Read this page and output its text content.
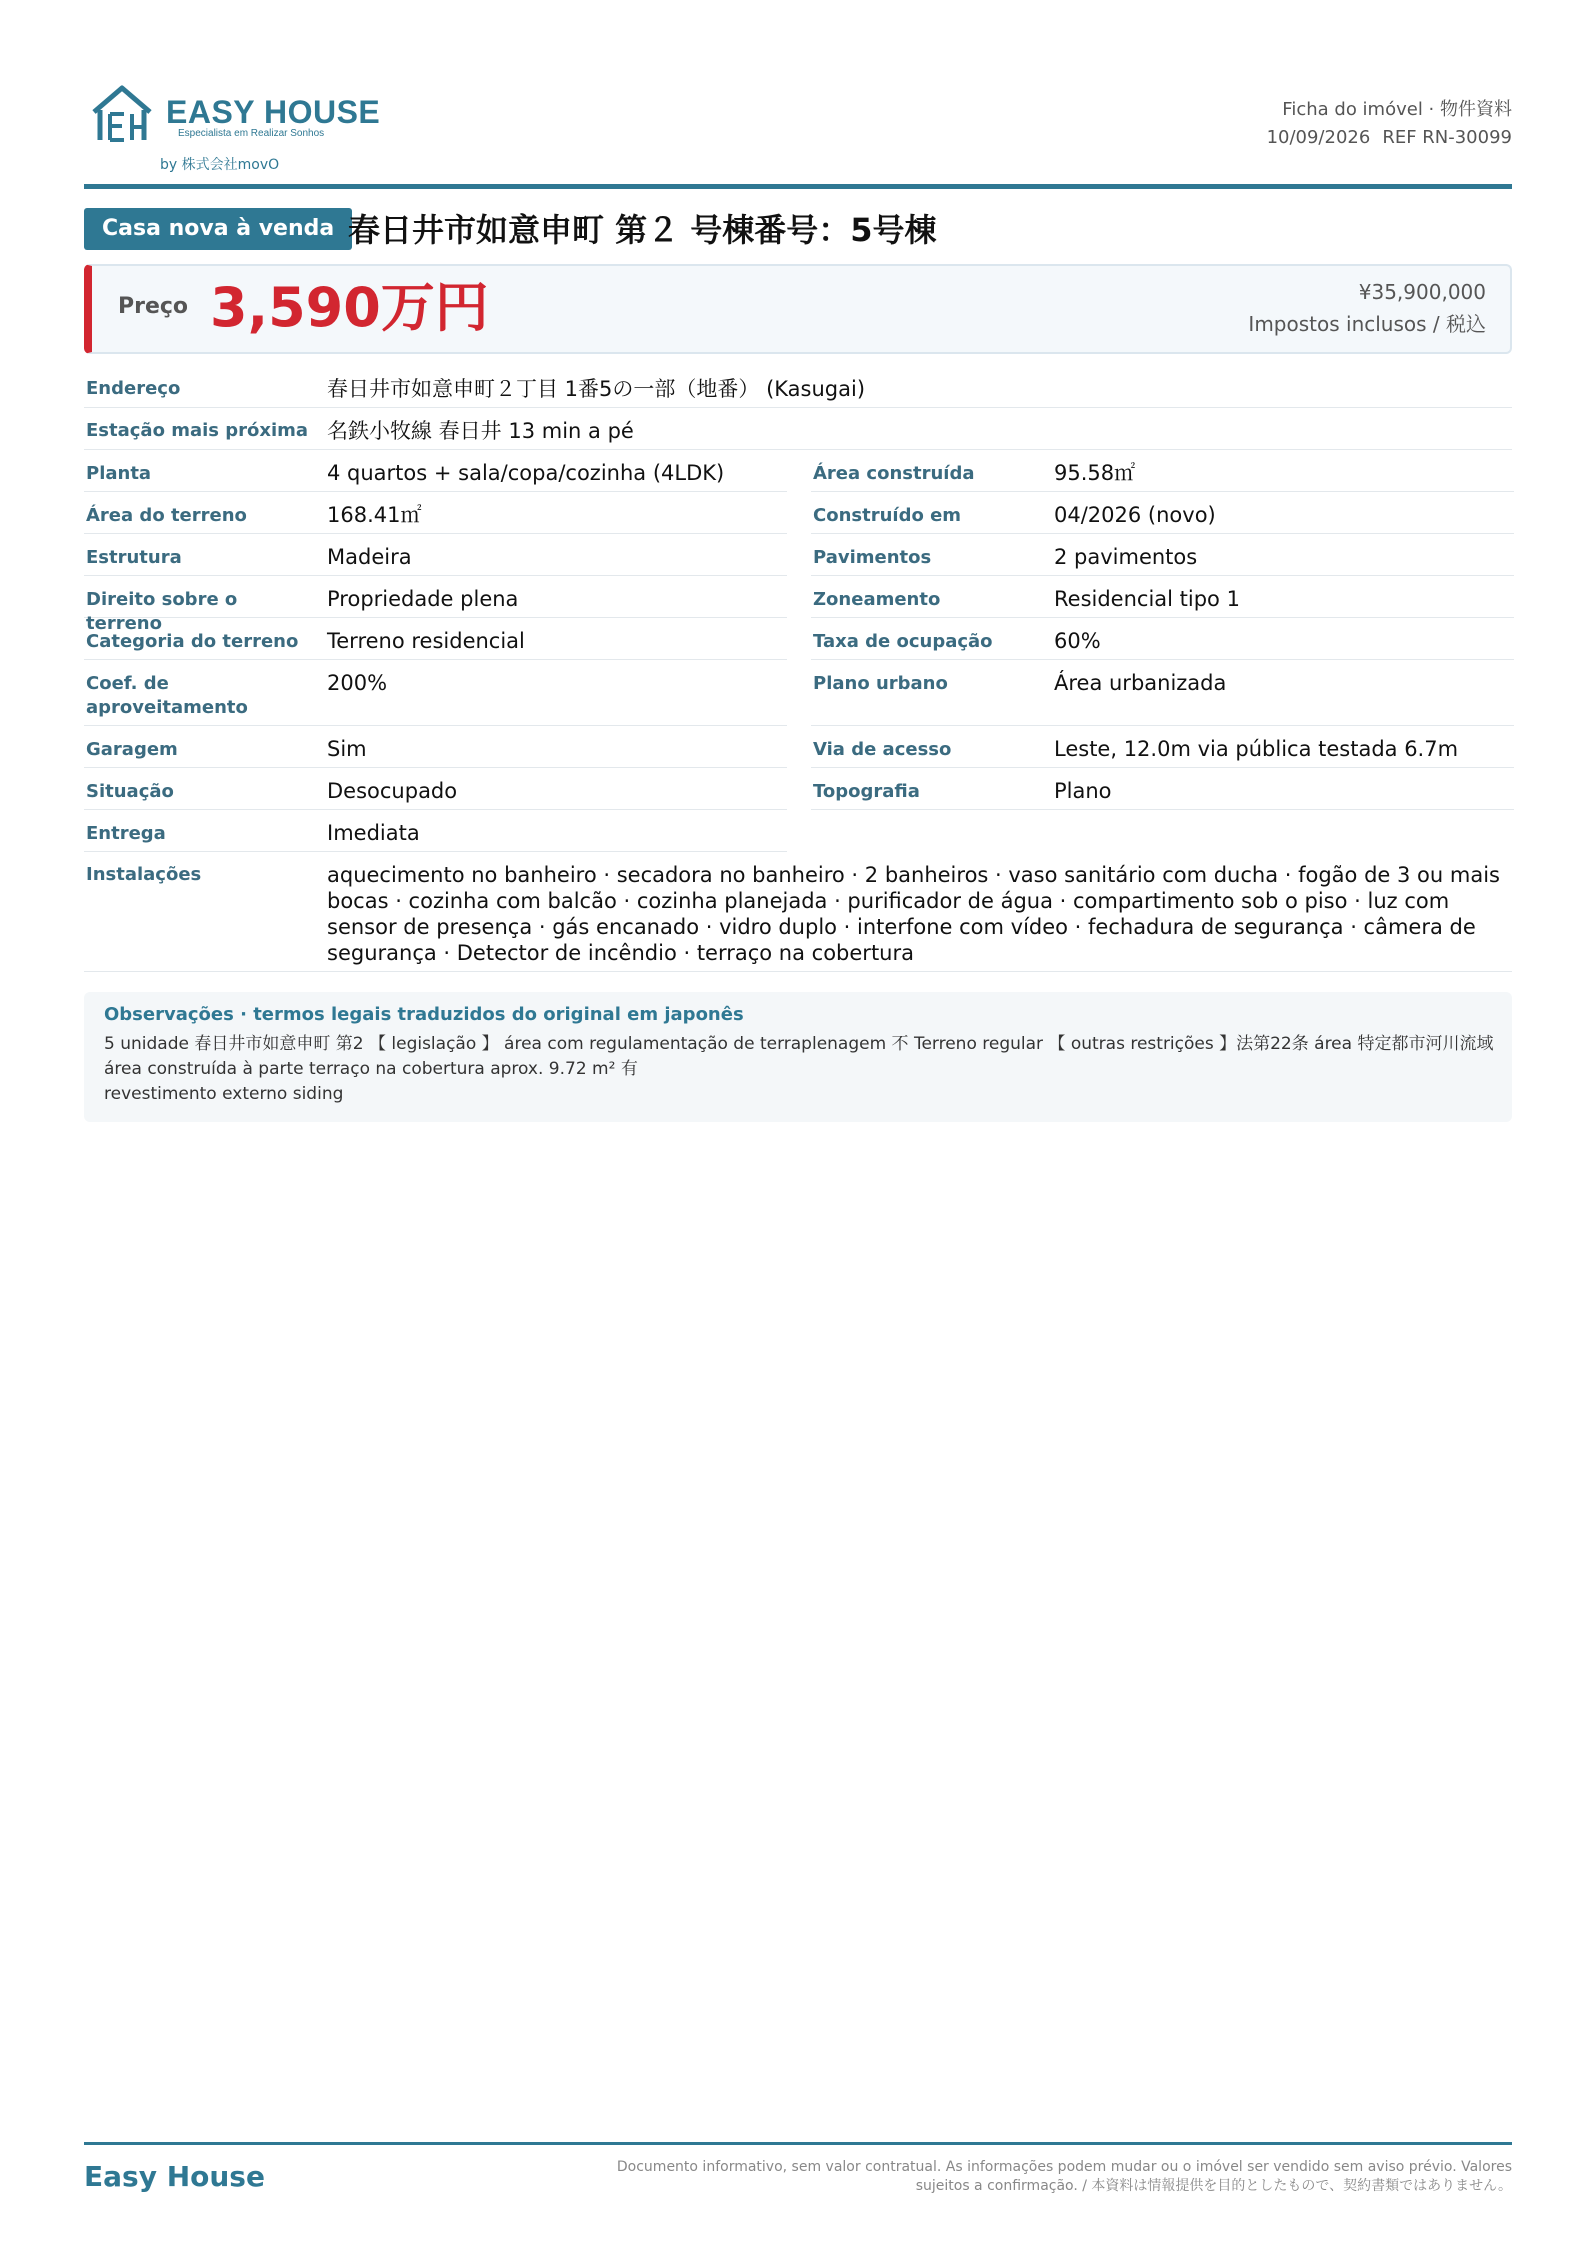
EASY HOUSE
Especialista em Realizar Sonhos
by 株式会社movO
Ficha do imóvel · 物件資料
10/09/2026 REF RN-30099
Casa nova à venda 春日井市如意申町 第２ 号棟番号：5号棟
Preço 3,590万円	¥35,900,000
Impostos inclusos / 税込
Endereço	春日井市如意申町２丁目 1番5の一部（地番） (Kasugai)
Estação mais próxima 名鉄小牧線 春日井 13 min a pé
Planta	4 quartos + sala/copa/cozinha (4LDK)	Área construída	95.58㎡
Área do terreno	168.41㎡	Construído em	04/2026 (novo)
Estrutura	Madeira	Pavimentos	2 pavimentos
Direito sobre o terreno
Propriedade plena	Zoneamento	Residencial tipo 1
Categoria do terreno	Terreno residencial	Taxa de ocupação	60%
Coef. de aproveitamento
200%	Plano urbano	Área urbanizada
Garagem	Sim	Via de acesso	Leste, 12.0m via pública testada 6.7m
Situação	Desocupado	Topografia	Plano
Entrega	Imediata
Instalações	aquecimento no banheiro · secadora no banheiro · 2 banheiros · vaso sanitário com ducha · fogão de 3 ou mais bocas · cozinha com balcão · cozinha planejada · purificador de água · compartimento sob o piso · luz com sensor de presença · gás encanado · vidro duplo · interfone com vídeo · fechadura de segurança · câmera de segurança · Detector de incêndio · terraço na cobertura
Observações · termos legais traduzidos do original em japonês
5 unidade 春日井市如意申町 第2 【 legislação 】 área com regulamentação de terraplenagem 不 Terreno regular 【 outras restrições 】法第22条 área 特定都市河川流域 área construída à parte terraço na cobertura aprox. 9.72 m² 有
revestimento externo siding
Easy House	Documento informativo, sem valor contratual. As informações podem mudar ou o imóvel ser vendido sem aviso prévio. Valores sujeitos a confirmação. / 本資料は情報提供を目的としたもので、契約書類ではありません。
